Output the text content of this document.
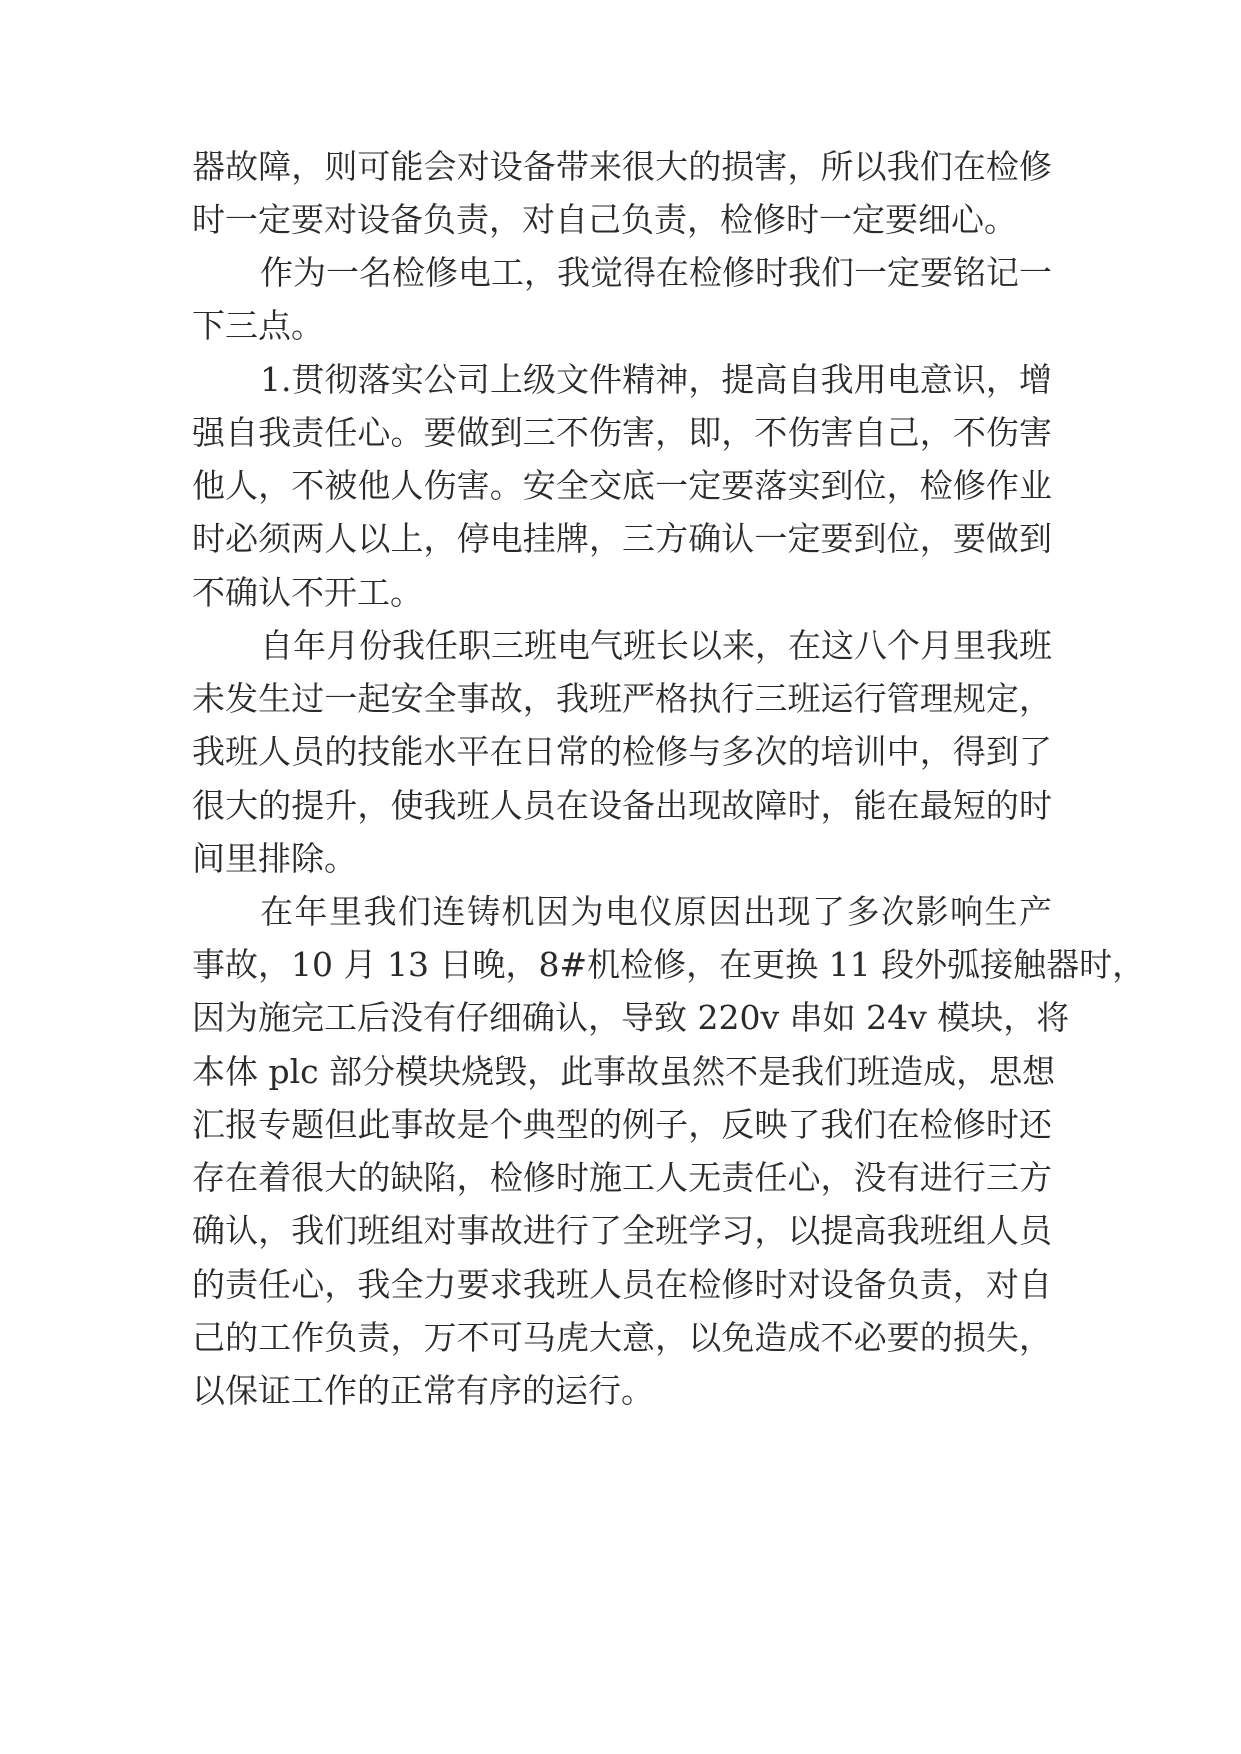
器故障，则可能会对设备带来很大的损害，所以我们在检修
时一定要对设备负责，对自己负责，检修时一定要细心。
作为一名检修电工，我觉得在检修时我们一定要铭记一
下三点。
1.贯彻落实公司上级文件精神，提高自我用电意识，增
强自我责任心。要做到三不伤害，即，不伤害自己，不伤害
他人，不被他人伤害。安全交底一定要落实到位，检修作业
时必须两人以上，停电挂牌，三方确认一定要到位，要做到
不确认不开工。
自年月份我任职三班电气班长以来，在这八个月里我班
未发生过一起安全事故，我班严格执行三班运行管理规定，
我班人员的技能水平在日常的检修与多次的培训中，得到了
很大的提升，使我班人员在设备出现故障时，能在最短的时
间里排除。
在年里我们连铸机因为电仪原因出现了多次影响生产
事故，10 月 13 日晚，8#机检修，在更换 11 段外弧接触器时，
因为施完工后没有仔细确认，导致 220v 串如 24v 模块，将
本体 plc 部分模块烧毁，此事故虽然不是我们班造成，思想
汇报专题但此事故是个典型的例子，反映了我们在检修时还
存在着很大的缺陷，检修时施工人无责任心，没有进行三方
确认，我们班组对事故进行了全班学习，以提高我班组人员
的责任心，我全力要求我班人员在检修时对设备负责，对自
己的工作负责，万不可马虎大意，以免造成不必要的损失，
以保证工作的正常有序的运行。
